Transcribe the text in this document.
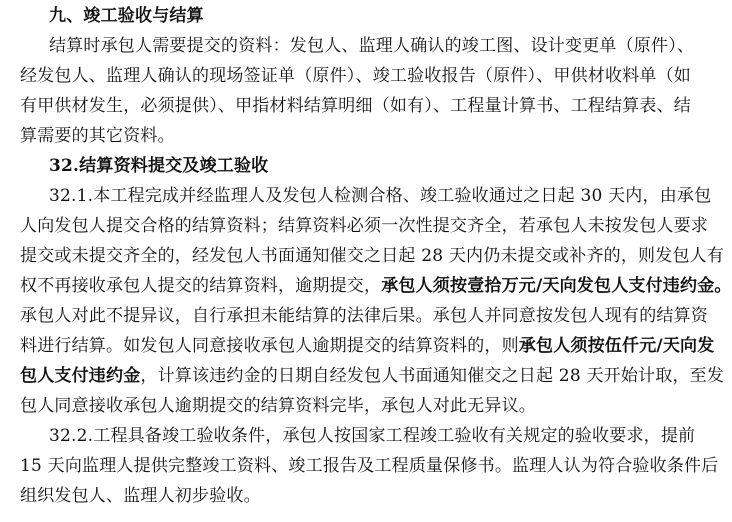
九、竣工验收与结算
结算时承包人需要提交的资料：发包人、监理人确认的竣工图、设计变更单（原件）、
经发包人、监理人确认的现场签证单（原件）、竣工验收报告（原件）、甲供材收料单（如
有甲供材发生，必须提供）、甲指材料结算明细（如有）、工程量计算书、工程结算表、结
算需要的其它资料。
32.结算资料提交及竣工验收
32.1.本工程完成并经监理人及发包人检测合格、竣工验收通过之日起 30 天内，由承包
人向发包人提交合格的结算资料；结算资料必须一次性提交齐全，若承包人未按发包人要求
提交或未提交齐全的，经发包人书面通知催交之日起 28 天内仍未提交或补齐的，则发包人有
权不再接收承包人提交的结算资料，逾期提交，承包人须按壹拾万元/天向发包人支付违约金。
承包人对此不提异议，自行承担未能结算的法律后果。承包人并同意按发包人现有的结算资
料进行结算。如发包人同意接收承包人逾期提交的结算资料的，则承包人须按伍仟元/天向发
包人支付违约金，计算该违约金的日期自经发包人书面通知催交之日起 28 天开始计取，至发
包人同意接收承包人逾期提交的结算资料完毕，承包人对此无异议。
32.2.工程具备竣工验收条件，承包人按国家工程竣工验收有关规定的验收要求，提前
15 天向监理人提供完整竣工资料、竣工报告及工程质量保修书。监理人认为符合验收条件后
组织发包人、监理人初步验收。
